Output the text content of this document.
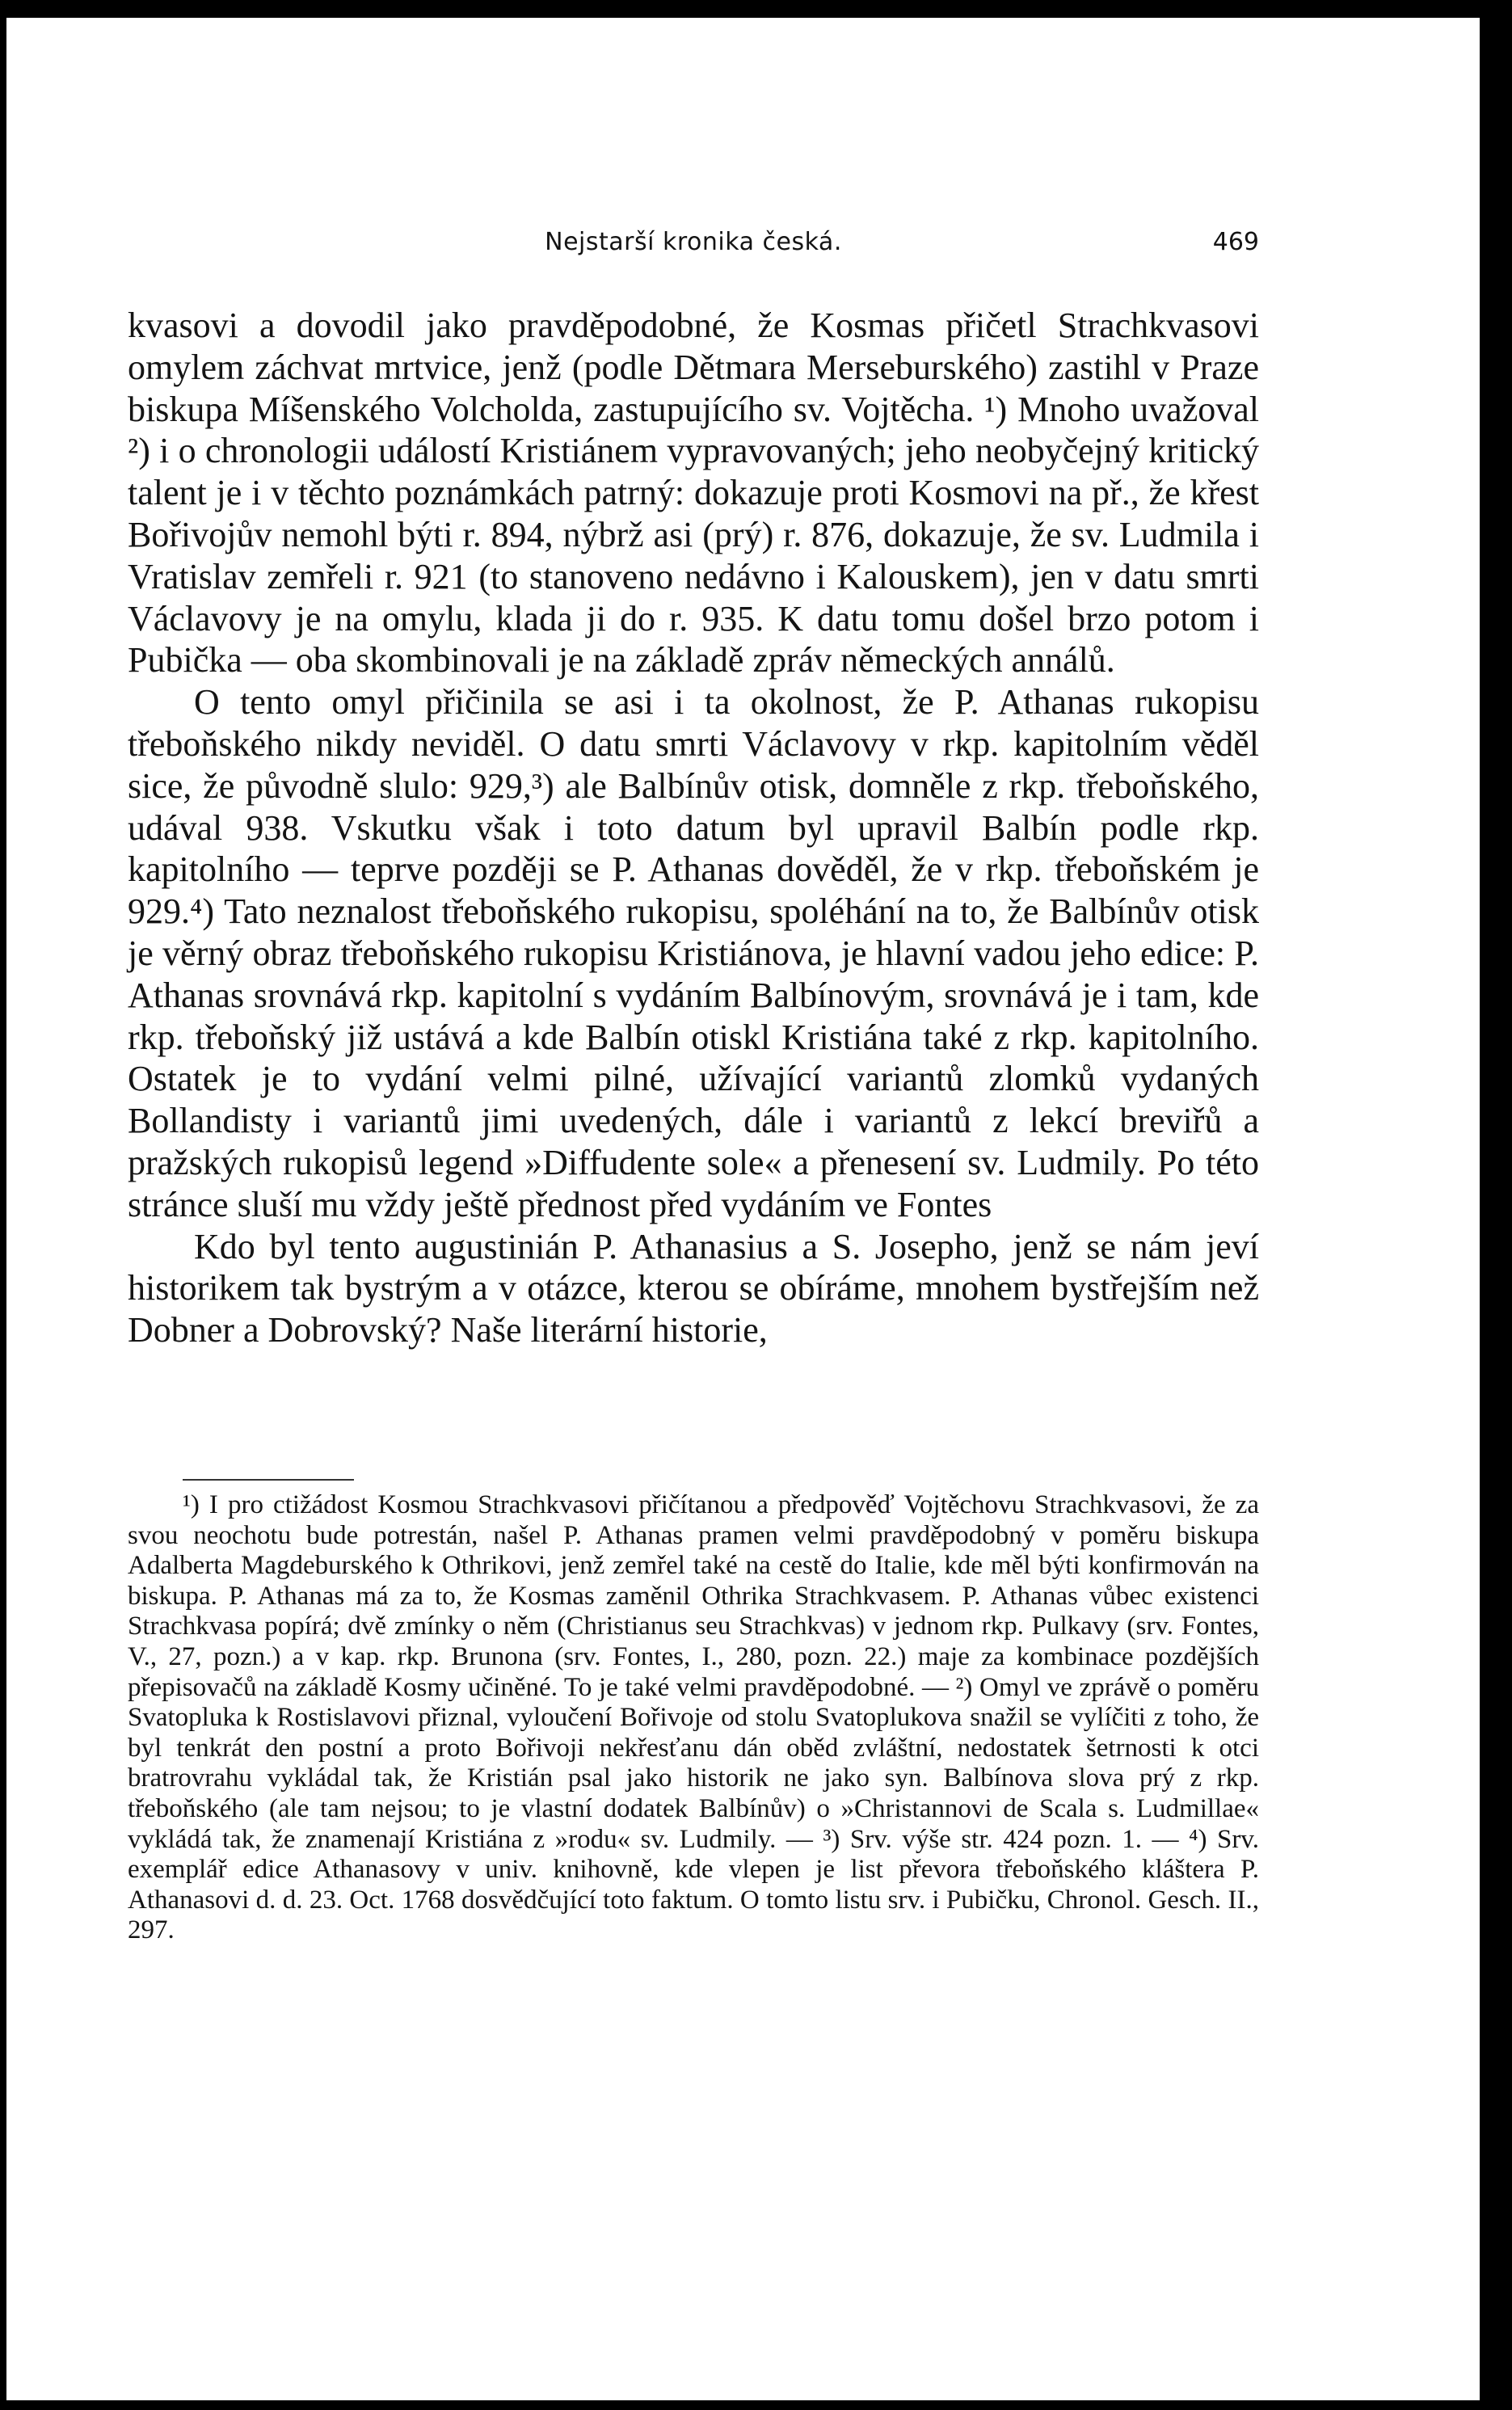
Nejstarší kronika česká.	469

kvasovi a dovodil jako pravděpodobné, že Kosmas přičetl Strachkvasovi omylem záchvat mrtvice, jenž (podle Dětmara Merseburského) zastihl v Praze biskupa Míšenského Volcholda, zastupujícího sv. Vojtěcha. ¹) Mnoho uvažoval ²) i o chronologii událostí Kristiánem vypravovaných; jeho neobyčejný kritický talent je i v těchto poznámkách patrný: dokazuje proti Kosmovi na př., že křest Bořivojův nemohl býti r. 894, nýbrž asi (prý) r. 876, dokazuje, že sv. Ludmila i Vratislav zemřeli r. 921 (to stanoveno nedávno i Kalouskem), jen v datu smrti Václavovy je na omylu, klada ji do r. 935. K datu tomu došel brzo potom i Pubička — oba skombinovali je na základě zpráv německých annálů.

O tento omyl přičinila se asi i ta okolnost, že P. Athanas rukopisu třeboňského nikdy neviděl. O datu smrti Václavovy v rkp. kapitolním věděl sice, že původně slulo: 929,³) ale Balbínův otisk, domněle z rkp. třeboňského, udával 938. Vskutku však i toto datum byl upravil Balbín podle rkp. kapitolního — teprve později se P. Athanas dověděl, že v rkp. třeboňském je 929.⁴) Tato neznalost třeboňského rukopisu, spoléhání na to, že Balbínův otisk je věrný obraz třeboňského rukopisu Kristiánova, je hlavní vadou jeho edice: P. Athanas srovnává rkp. kapitolní s vydáním Balbínovým, srovnává je i tam, kde rkp. třeboňský již ustává a kde Balbín otiskl Kristiána také z rkp. kapitolního. Ostatek je to vydání velmi pilné, užívající variantů zlomků vydaných Bollandisty i variantů jimi uvedených, dále i variantů z lekcí breviřů a pražských rukopisů legend »Diffudente sole« a přenesení sv. Ludmily. Po této stránce sluší mu vždy ještě přednost před vydáním ve Fontes

Kdo byl tento augustinián P. Athanasius a S. Josepho, jenž se nám jeví historikem tak bystrým a v otázce, kterou se obíráme, mnohem bystřejším než Dobner a Dobrovský? Naše literární historie,

¹) I pro ctižádost Kosmou Strachkvasovi přičítanou a předpověď Vojtěchovu Strachkvasovi, že za svou neochotu bude potrestán, našel P. Athanas pramen velmi pravděpodobný v poměru biskupa Adalberta Magdeburského k Othrikovi, jenž zemřel také na cestě do Italie, kde měl býti konfirmován na biskupa. P. Athanas má za to, že Kosmas zaměnil Othrika Strachkvasem. P. Athanas vůbec existenci Strachkvasa popírá; dvě zmínky o něm (Christianus seu Strachkvas) v jednom rkp. Pulkavy (srv. Fontes, V., 27, pozn.) a v kap. rkp. Brunona (srv. Fontes, I., 280, pozn. 22.) maje za kombinace pozdějších přepisovačů na základě Kosmy učiněné. To je také velmi pravděpodobné. — ²) Omyl ve zprávě o poměru Svatopluka k Rostislavovi přiznal, vyloučení Bořivoje od stolu Svatoplukova snažil se vylíčiti z toho, že byl tenkrát den postní a proto Bořivoji nekřesťanu dán oběd zvláštní, nedostatek šetrnosti k otci bratrovrahu vykládal tak, že Kristián psal jako historik ne jako syn. Balbínova slova prý z rkp. třeboňského (ale tam nejsou; to je vlastní dodatek Balbínův) o »Christannovi de Scala s. Ludmillae« vykládá tak, že znamenají Kristiána z »rodu« sv. Ludmily. — ³) Srv. výše str. 424 pozn. 1. — ⁴) Srv. exemplář edice Athanasovy v univ. knihovně, kde vlepen je list převora třeboňského kláštera P. Athanasovi d. d. 23. Oct. 1768 dosvědčující toto faktum. O tomto listu srv. i Pubičku, Chronol. Gesch. II., 297.
